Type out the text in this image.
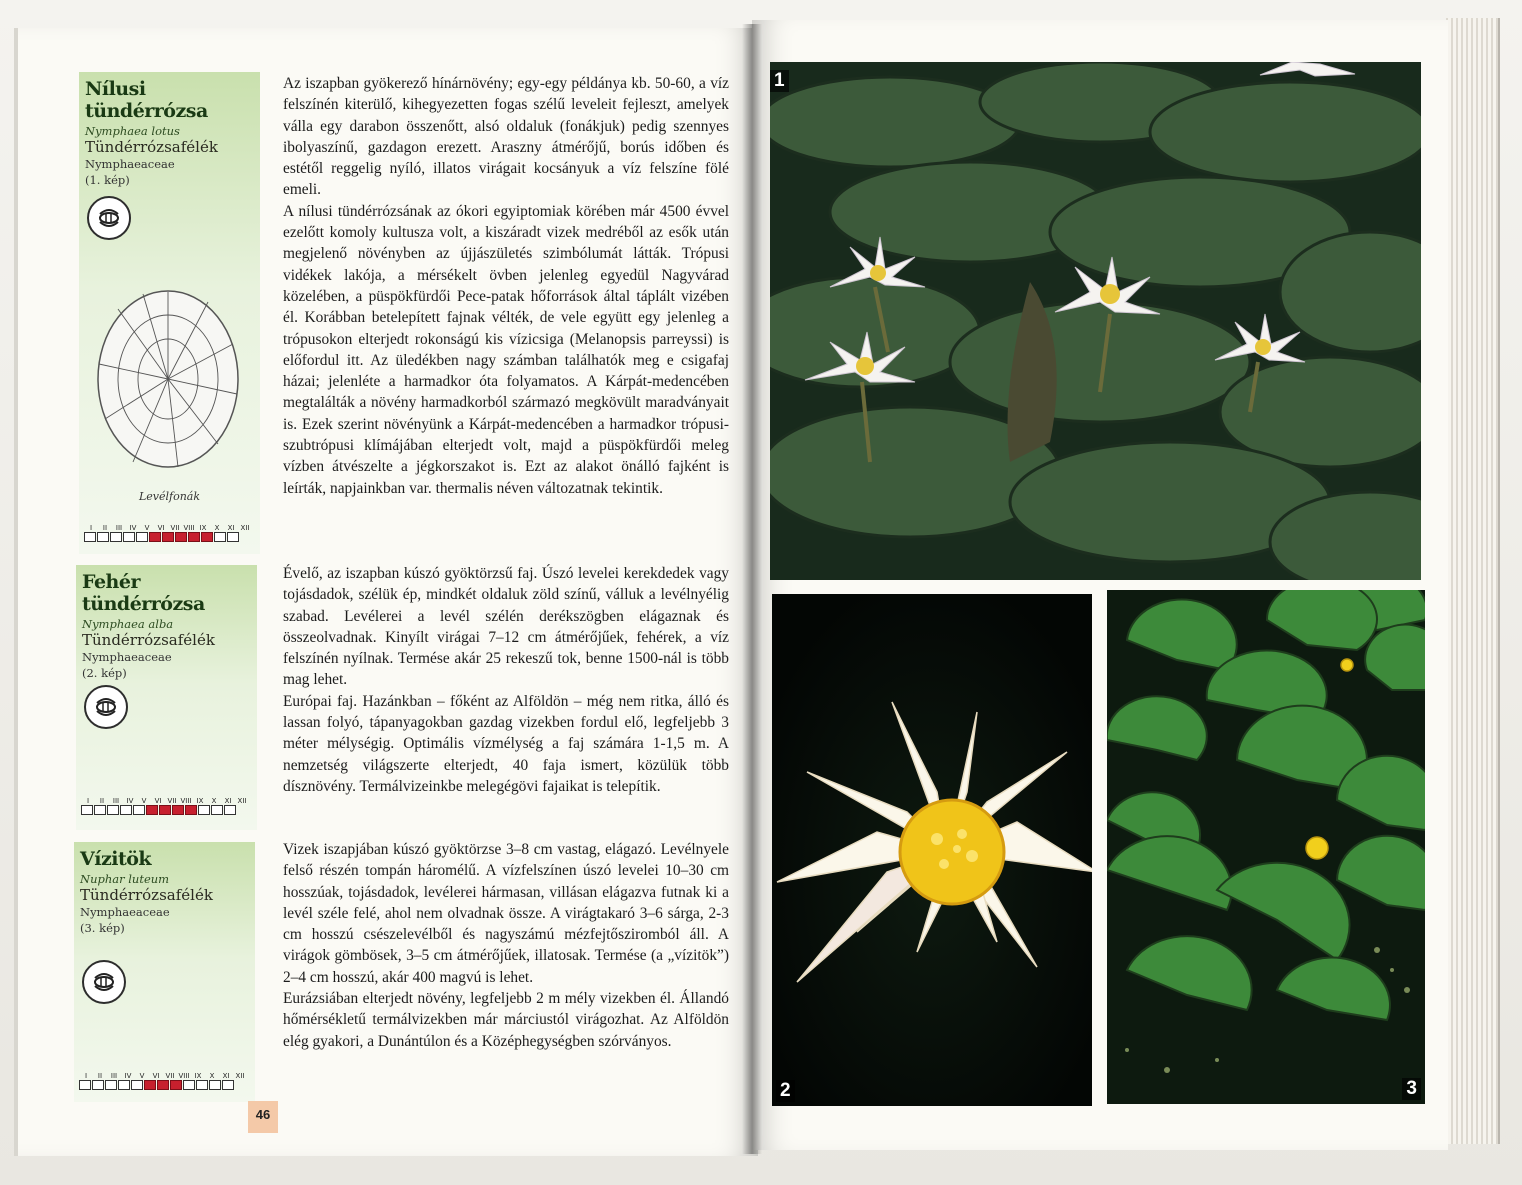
Nílusi tündérrózsa
Nymphaea lotus
Tündérrózsafélék
Nymphaeaceae
(1. kép)
Levélfonák
I	II	III	IV	V	VI VII VIII IX	X	XI XII
Fehér tündérrózsa
Nymphaea alba
Tündérrózsafélék
Nymphaeaceae
(2. kép)
I	II	III	IV	V	VI VII VIII IX	X	XI XII
Vízitök
Nuphar luteum
Tündérrózsafélék
Nymphaeaceae
(3. kép)
I	II	III	IV	V	VI VII VIII IX	X	XI XII

Az iszapban gyökerező hínárnövény; egy-egy példánya kb. 50-60, a víz felszínén kiterülő, kihegyezetten fogas szélű leveleit fejleszt, amelyek válla egy darabon összenőtt, alsó oldaluk (fonákjuk) pedig szennyes ibolyaszínű, gazdagon erezett. Araszny átmérőjű, borús időben és estétől reggelig nyíló, illatos virágait kocsányuk a víz felszíne fölé emeli.

A nílusi tündérrózsának az ókori egyiptomiak körében már 4500 évvel ezelőtt komoly kultusza volt, a kiszáradt vizek medréből az esők után megjelenő növényben az újjászületés szimbólumát látták. Trópusi vidékek lakója, a mérsékelt övben jelenleg egyedül Nagyvárad közelében, a püspökfürdői Pece-patak hőforrások által táplált vizében él. Korábban betelepített fajnak vélték, de vele együtt egy jelenleg a trópusokon elterjedt rokonságú kis vízicsiga (Melanopsis parreyssi) is előfordul itt. Az üledékben nagy számban találhatók meg e csigafaj házai; jelenléte a harmadkor óta folyamatos. A Kárpát-medencében megtalálták a növény harmadkorból származó megkövült maradványait is. Ezek szerint növényünk a Kárpát-medencében a harmadkor trópusi-szubtrópusi klímájában elterjedt volt, majd a püspökfürdői meleg vízben átvészelte a jégkorszakot is. Ezt az alakot önálló fajként is leírták, napjainkban var. thermalis néven változatnak tekintik.

Évelő, az iszapban kúszó gyöktörzsű faj. Úszó levelei kerekdedek vagy tojásdadok, szélük ép, mindkét oldaluk zöld színű, válluk a levélnyélig szabad. Levélerei a levél szélén derékszögben elágaznak és összeolvadnak. Kinyílt virágai 7–12 cm átmérőjűek, fehérek, a víz felszínén nyílnak. Termése akár 25 rekeszű tok, benne 1500-nál is több mag lehet.

Európai faj. Hazánkban – főként az Alföldön – még nem ritka, álló és lassan folyó, tápanyagokban gazdag vizekben fordul elő, legfeljebb 3 méter mélységig. Optimális vízmélység a faj számára 1-1,5 m. A nemzetség világszerte elterjedt, 40 faja ismert, közülük több dísznövény. Termálvizeinkbe melegégövi fajaikat is telepítik.

Vizek iszapjában kúszó gyöktörzse 3–8 cm vastag, elágazó. Levélnyele felső részén tompán háromélű. A vízfelszínen úszó levelei 10–30 cm hosszúak, tojásdadok, levélerei hármasan, villásan elágazva futnak ki a levél széle felé, ahol nem olvadnak össze. A virágtakaró 3–6 sárga, 2-3 cm hosszú csészelevélből és nagyszámú mézfejtősziromból áll. A virágok gömbösek, 3–5 cm átmérőjűek, illatosak. Termése (a „vízitök”) 2–4 cm hosszú, akár 400 magvú is lehet.

Eurázsiában elterjedt növény, legfeljebb 2 m mély vizekben él. Állandó hőmérsékletű termálvizekben már márciustól virágozhat. Az Alföldön elég gyakori, a Dunántúlon és a Középhegységben szórványos.

46
1
2	3
